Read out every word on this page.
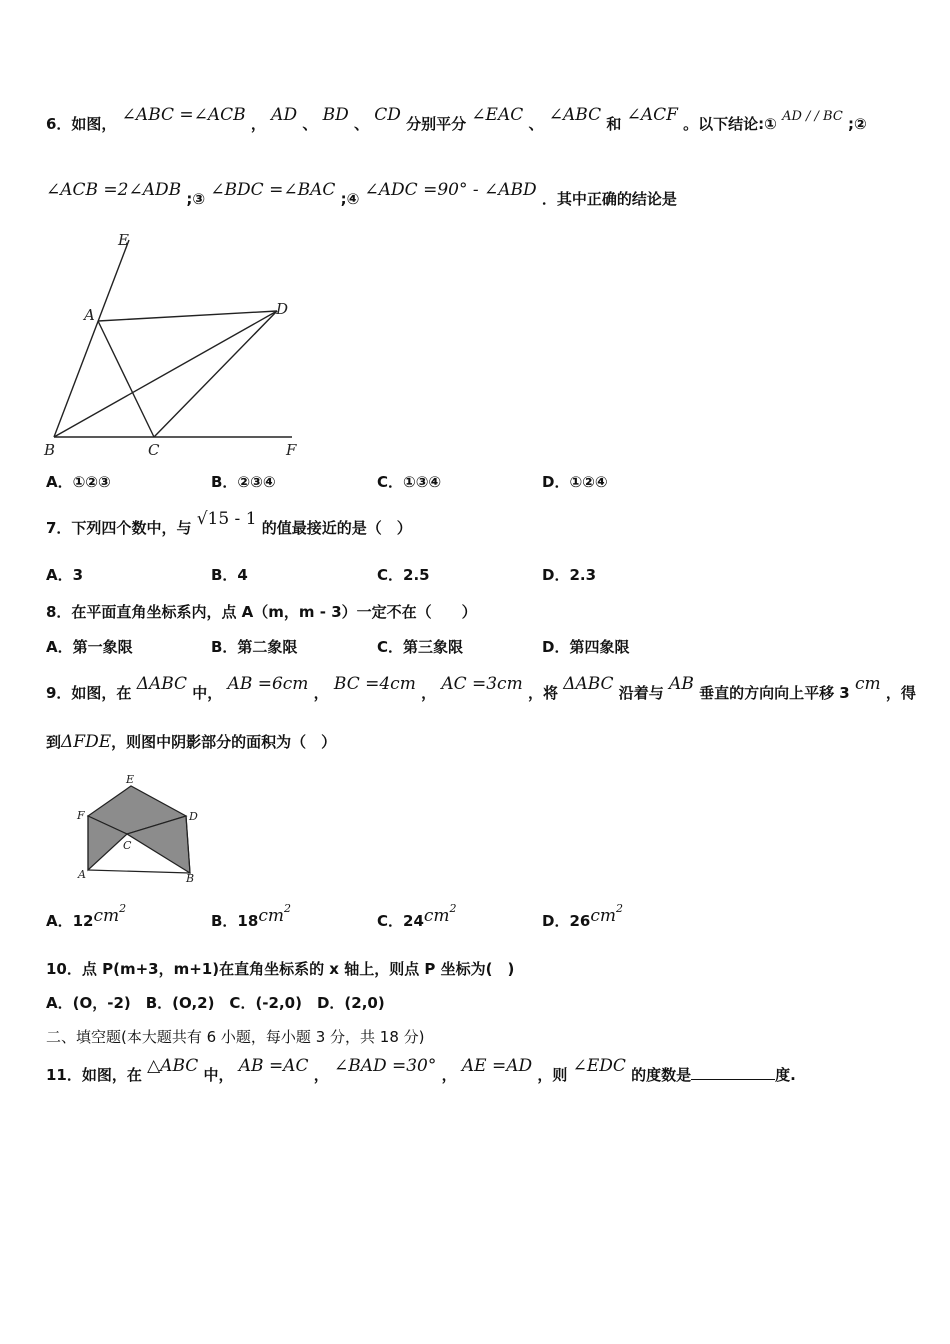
6．如图， ∠ABC =∠ACB ， AD 、 BD 、 CD 分别平分 ∠EAC 、 ∠ABC 和 ∠ACF 。以下结论:① AD / / BC ;②
∠ACB =2∠ADB ;③ ∠BDC =∠BAC ;④ ∠ADC =90° - ∠ABD ．其中正确的结论是
E
A	D
B	C	F
A．①②③	B．②③④	C．①③④	D．①②④
7．下列四个数中，与 √15 - 1 的值最接近的是（　）
A．3	B．4	C．2.5	D．2.3
8．在平面直角坐标系内，点 A（m，m - 3）一定不在（　　）
A．第一象限	B．第二象限	C．第三象限	D．第四象限
9．如图，在 ΔABC 中， AB =6cm ， BC =4cm ， AC =3cm ，将 ΔABC 沿着与 AB 垂直的方向向上平移 3 cm ，得
到ΔFDE，则图中阴影部分的面积为（　）
E
F	D
C
A	B
A．$12cm^2$
B．$18cm^2$
C．$24cm^2$
D．$26cm^2$
10．点 P(m+3，m+1)在直角坐标系的 x 轴上，则点 P 坐标为(　)
A．(O，-2)　B．(O,2)　C．(-2,0)　D．(2,0)
二、填空题(本大题共有 6 小题，每小题 3 分，共 18 分)
11．如图，在 △ABC 中， AB =AC ， ∠BAD =30° ， AE =AD ，则 ∠EDC 的度数是	度.
